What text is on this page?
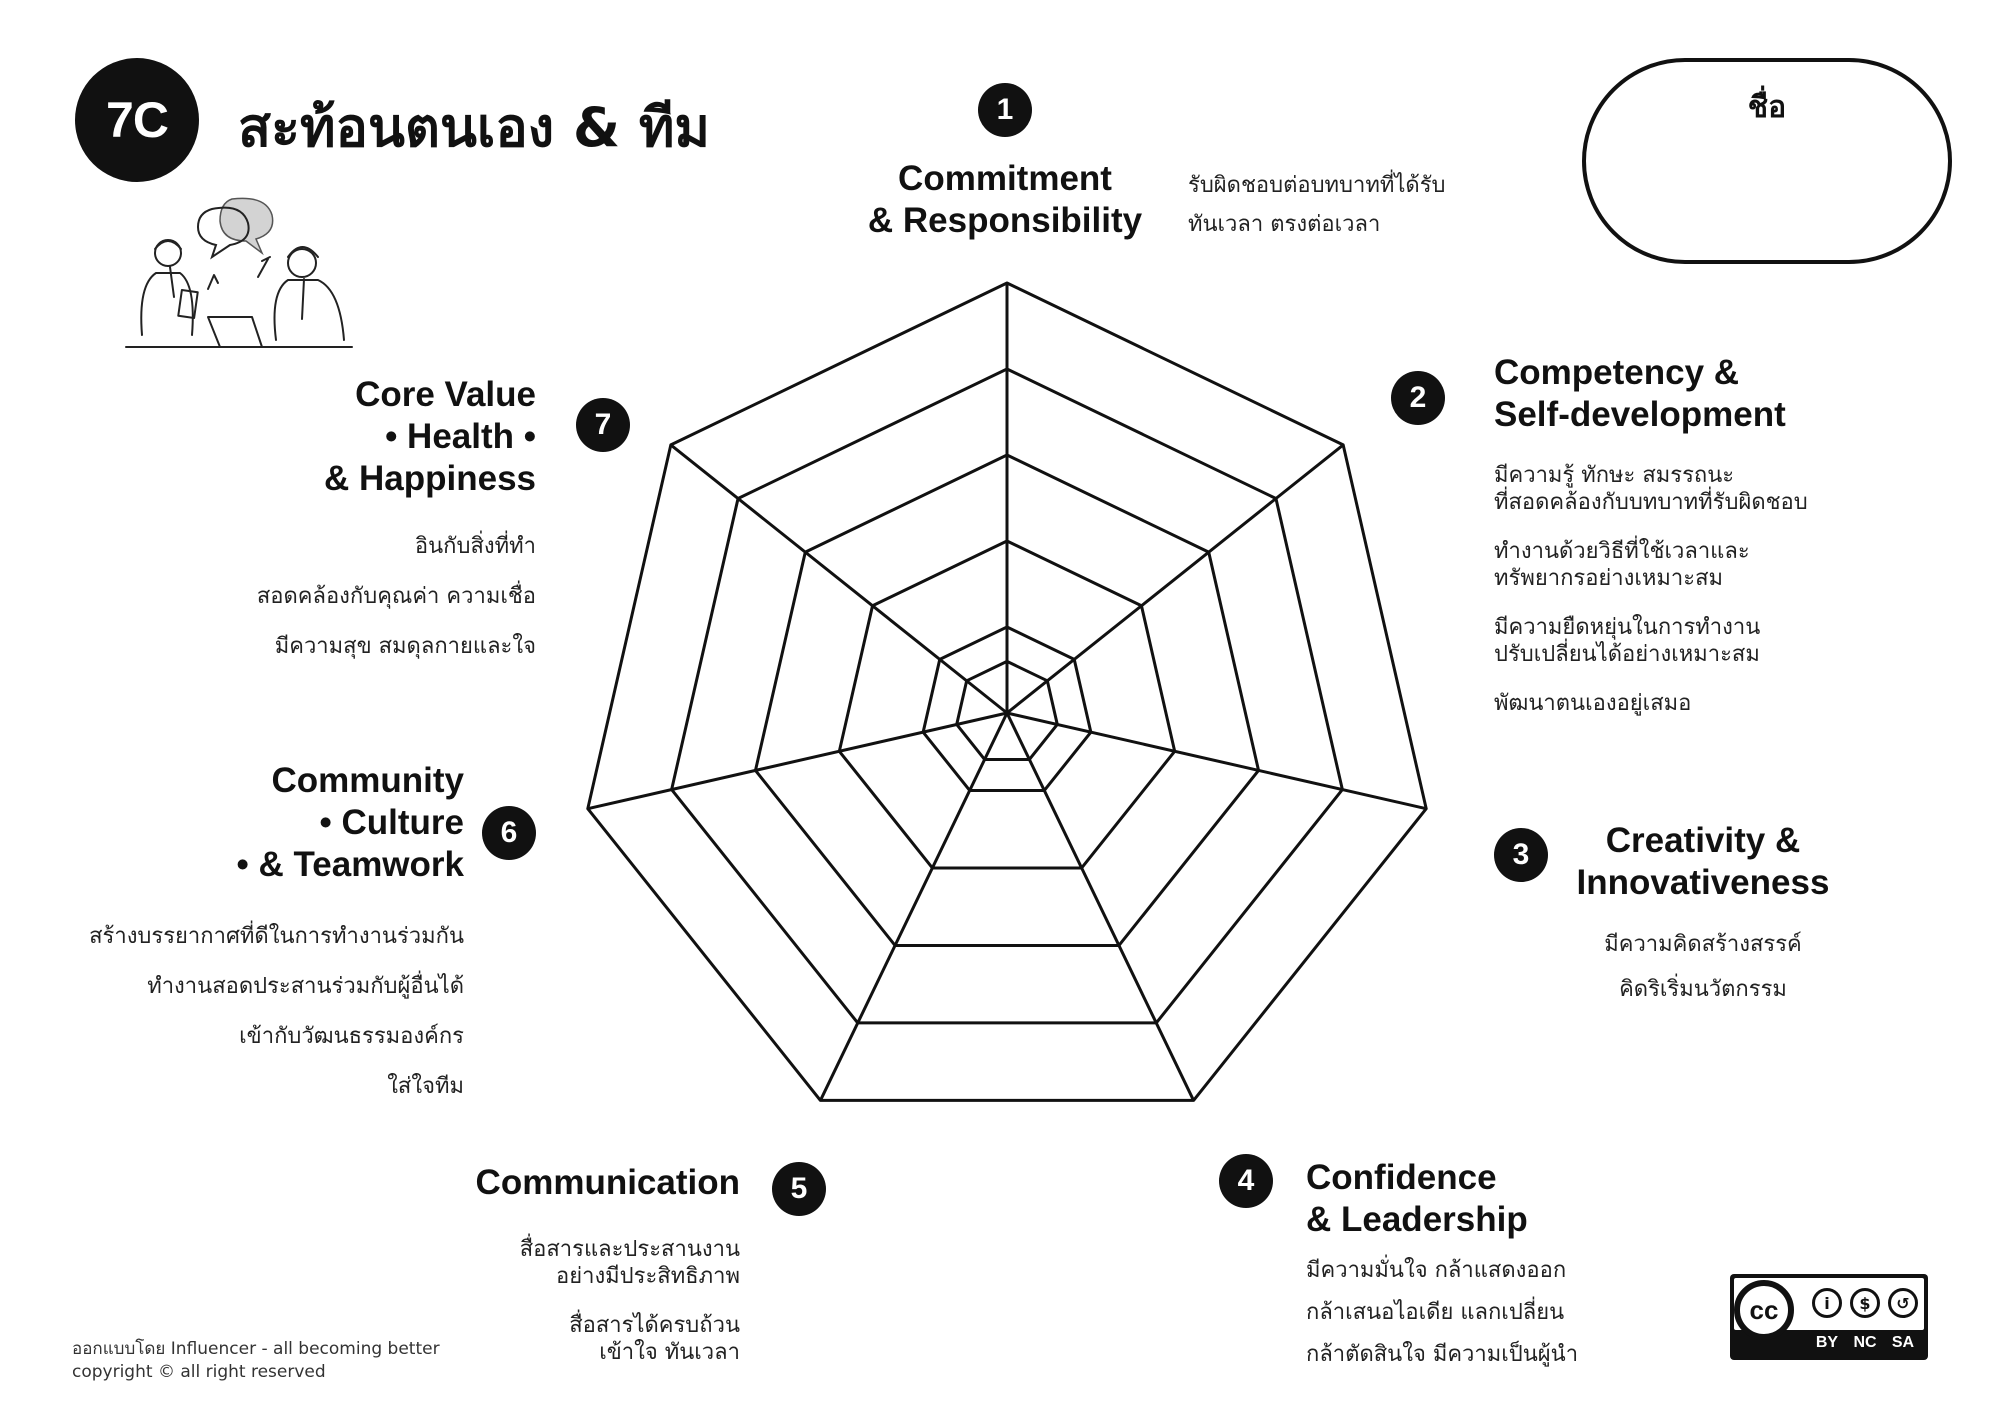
7C	สะท้อนตนเอง & ทีม	ชื่อ
1
Commitment
& Responsibility
รับผิดชอบต่อบทบาทที่ได้รับ
ทันเวลา ตรงต่อเวลา
2
Competency &
Self-development
มีความรู้ ทักษะ สมรรถนะ
ที่สอดคล้องกับบทบาทที่รับผิดชอบ
ทำงานด้วยวิธีที่ใช้เวลาและ
ทรัพยากรอย่างเหมาะสม
มีความยืดหยุ่นในการทำงาน
ปรับเปลี่ยนได้อย่างเหมาะสม
พัฒนาตนเองอยู่เสมอ
3	Creativity &
Innovativeness
มีความคิดสร้างสรรค์
คิดริเริ่มนวัตกรรม
4	Confidence
& Leadership
มีความมั่นใจ กล้าแสดงออก
กล้าเสนอไอเดีย แลกเปลี่ยน
กล้าตัดสินใจ มีความเป็นผู้นำ
5
Communication
สื่อสารและประสานงาน
อย่างมีประสิทธิภาพ
สื่อสารได้ครบถ้วน
เข้าใจ ทันเวลา
6
Community
• Culture
• & Teamwork
สร้างบรรยากาศที่ดีในการทำงานร่วมกัน
ทำงานสอดประสานร่วมกับผู้อื่นได้
เข้ากับวัฒนธรรมองค์กร
ใส่ใจทีม
7
Core Value
• Health •
& Happiness
อินกับสิ่งที่ทำ
สอดคล้องกับคุณค่า ความเชื่อ
มีความสุข สมดุลกายและใจ
ออกแบบโดย Influencer - all becoming better
copyright © all right reserved
cc	i	$	↺
BY NC SA
